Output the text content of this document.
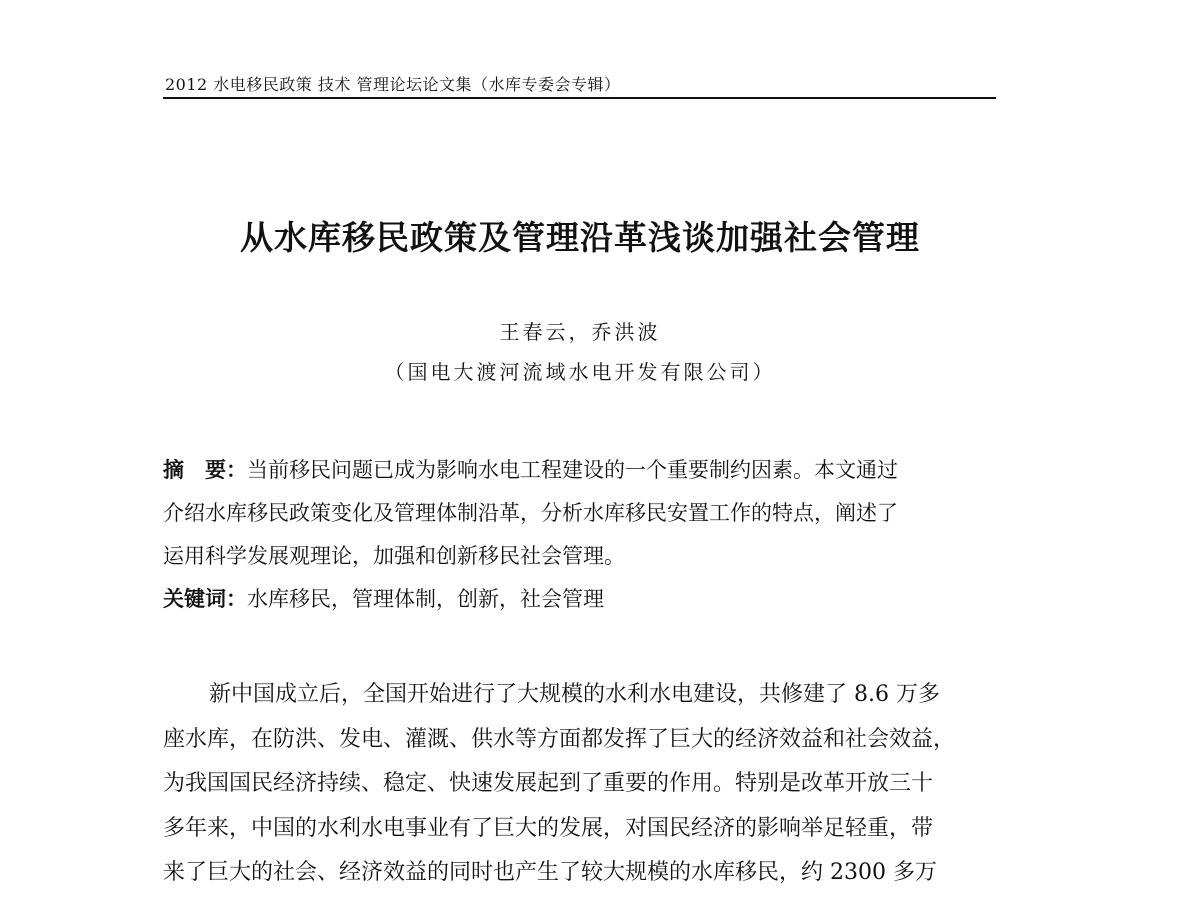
2012 水电移民政策 技术 管理论坛论文集（水库专委会专辑）
从水库移民政策及管理沿革浅谈加强社会管理
王春云，乔洪波
（国电大渡河流域水电开发有限公司）
摘　要：当前移民问题已成为影响水电工程建设的一个重要制约因素。本文通过
介绍水库移民政策变化及管理体制沿革，分析水库移民安置工作的特点，阐述了
运用科学发展观理论，加强和创新移民社会管理。
关键词：水库移民，管理体制，创新，社会管理
新中国成立后，全国开始进行了大规模的水利水电建设，共修建了 8.6 万多
座水库，在防洪、发电、灌溉、供水等方面都发挥了巨大的经济效益和社会效益，
为我国国民经济持续、稳定、快速发展起到了重要的作用。特别是改革开放三十
多年来，中国的水利水电事业有了巨大的发展，对国民经济的影响举足轻重，带
来了巨大的社会、经济效益的同时也产生了较大规模的水库移民，约 2300 多万
